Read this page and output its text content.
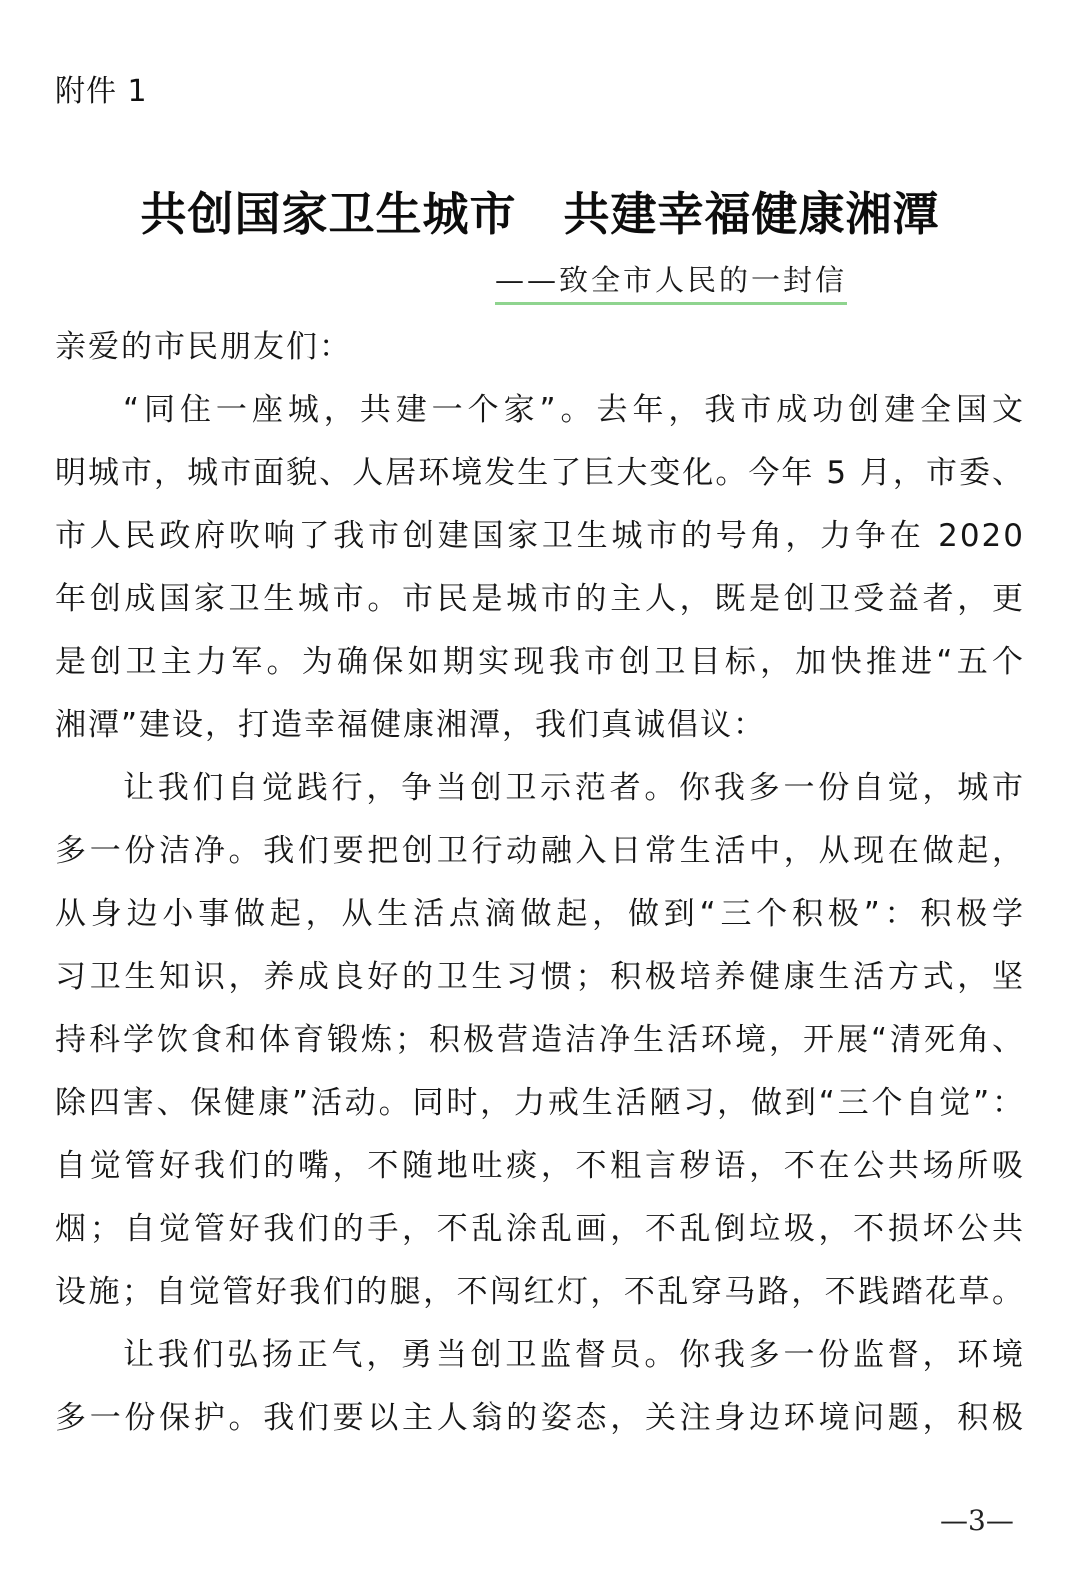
附件 1
共创国家卫生城市　共建幸福健康湘潭
——致全市人民的一封信
亲爱的市民朋友们：
“同住一座城，共建一个家”。去年，我市成功创建全国文
明城市，城市面貌、人居环境发生了巨大变化。今年 5 月，市委、
市人民政府吹响了我市创建国家卫生城市的号角，力争在 2020
年创成国家卫生城市。市民是城市的主人，既是创卫受益者，更
是创卫主力军。为确保如期实现我市创卫目标，加快推进“五个
湘潭”建设，打造幸福健康湘潭，我们真诚倡议：
让我们自觉践行，争当创卫示范者。你我多一份自觉，城市
多一份洁净。我们要把创卫行动融入日常生活中，从现在做起，
从身边小事做起，从生活点滴做起，做到“三个积极”：积极学
习卫生知识，养成良好的卫生习惯；积极培养健康生活方式，坚
持科学饮食和体育锻炼；积极营造洁净生活环境，开展“清死角、
除四害、保健康”活动。同时，力戒生活陋习，做到“三个自觉”：
自觉管好我们的嘴，不随地吐痰，不粗言秽语，不在公共场所吸
烟；自觉管好我们的手，不乱涂乱画，不乱倒垃圾，不损坏公共
设施；自觉管好我们的腿，不闯红灯，不乱穿马路，不践踏花草。
让我们弘扬正气，勇当创卫监督员。你我多一份监督，环境
多一份保护。我们要以主人翁的姿态，关注身边环境问题，积极
—3—
